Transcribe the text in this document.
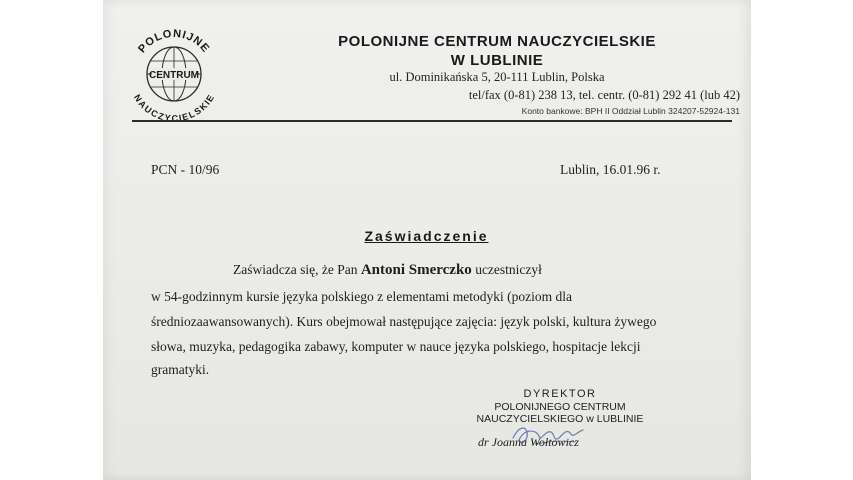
POLONIJNE
NAUCZYCIELSKIE
CENTRUM
POLONIJNE CENTRUM NAUCZYCIELSKIE
W LUBLINIE
ul. Dominikańska 5, 20-111 Lublin, Polska
tel/fax (0-81) 238 13, tel. centr. (0-81) 292 41 (lub 42)
Konto bankowe: BPH II Oddział Lublin 324207-52924-131
PCN - 10/96	Lublin, 16.01.96 r.
Zaświadczenie
Zaświadcza się, że Pan Antoni Smerczko uczestniczył
w 54-godzinnym kursie języka polskiego z elementami metodyki (poziom dla
średniozaawansowanych). Kurs obejmował następujące zajęcia: język polski, kultura żywego
słowa, muzyka, pedagogika zabawy, komputer w nauce języka polskiego, hospitacje lekcji
gramatyki.
DYREKTOR
POLONIJNEGO CENTRUM
NAUCZYCIELSKIEGO w LUBLINIE
dr Joanna Wołtowicz
